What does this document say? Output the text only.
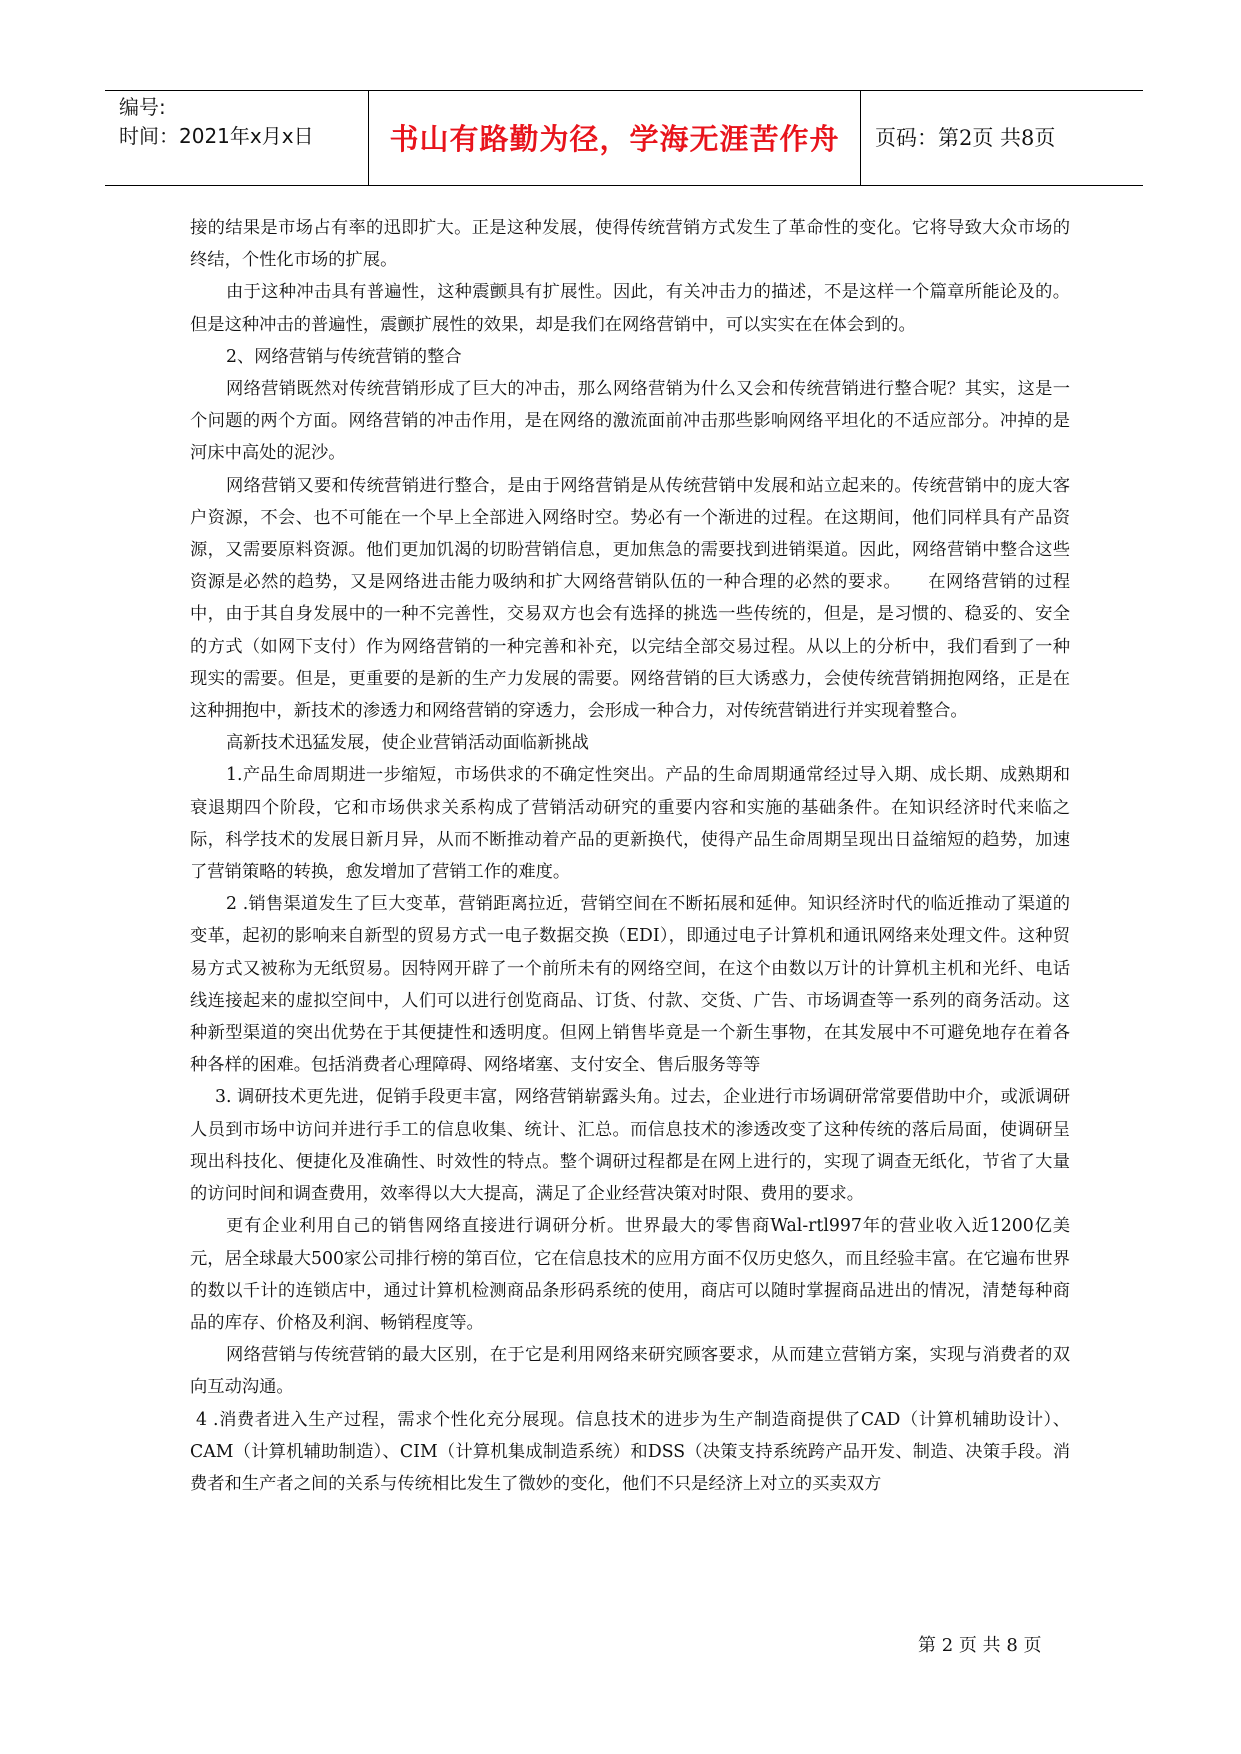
编号:
时间：2021年x月x日	书山有路勤为径，学海无涯苦作舟	页码：第2页 共8页

接的结果是市场占有率的迅即扩大。正是这种发展，使得传统营销方式发生了革命性的变化。它将导致大众市场的终结，个性化市场的扩展。

由于这种冲击具有普遍性，这种震颤具有扩展性。因此，有关冲击力的描述，不是这样一个篇章所能论及的。但是这种冲击的普遍性，震颤扩展性的效果，却是我们在网络营销中，可以实实在在体会到的。

2、网络营销与传统营销的整合

网络营销既然对传统营销形成了巨大的冲击，那么网络营销为什么又会和传统营销进行整合呢？其实，这是一个问题的两个方面。网络营销的冲击作用，是在网络的激流面前冲击那些影响网络平坦化的不适应部分。冲掉的是河床中高处的泥沙。

网络营销又要和传统营销进行整合，是由于网络营销是从传统营销中发展和站立起来的。传统营销中的庞大客户资源，不会、也不可能在一个早上全部进入网络时空。势必有一个渐进的过程。在这期间，他们同样具有产品资源，又需要原料资源。他们更加饥渴的切盼营销信息，更加焦急的需要找到进销渠道。因此，网络营销中整合这些资源是必然的趋势，又是网络进击能力吸纳和扩大网络营销队伍的一种合理的必然的要求。　　在网络营销的过程中，由于其自身发展中的一种不完善性，交易双方也会有选择的挑选一些传统的，但是，是习惯的、稳妥的、安全的方式（如网下支付）作为网络营销的一种完善和补充，以完结全部交易过程。从以上的分析中，我们看到了一种现实的需要。但是，更重要的是新的生产力发展的需要。网络营销的巨大诱惑力，会使传统营销拥抱网络，正是在这种拥抱中，新技术的渗透力和网络营销的穿透力，会形成一种合力，对传统营销进行并实现着整合。

高新技术迅猛发展，使企业营销活动面临新挑战

1.产品生命周期进一步缩短，市场供求的不确定性突出。产品的生命周期通常经过导入期、成长期、成熟期和衰退期四个阶段，它和市场供求关系构成了营销活动研究的重要内容和实施的基础条件。在知识经济时代来临之际，科学技术的发展日新月异，从而不断推动着产品的更新换代，使得产品生命周期呈现出日益缩短的趋势，加速了营销策略的转换，愈发增加了营销工作的难度。

2 .销售渠道发生了巨大变革，营销距离拉近，营销空间在不断拓展和延伸。知识经济时代的临近推动了渠道的变革，起初的影响来自新型的贸易方式一电子数据交换（EDI），即通过电子计算机和通讯网络来处理文件。这种贸易方式又被称为无纸贸易。因特网开辟了一个前所未有的网络空间，在这个由数以万计的计算机主机和光纤、电话线连接起来的虚拟空间中，人们可以进行创览商品、订货、付款、交货、广告、市场调查等一系列的商务活动。这种新型渠道的突出优势在于其便捷性和透明度。但网上销售毕竟是一个新生事物，在其发展中不可避免地存在着各种各样的困难。包括消费者心理障碍、网络堵塞、支付安全、售后服务等等

3. 调研技术更先进，促销手段更丰富，网络营销崭露头角。过去，企业进行市场调研常常要借助中介，或派调研人员到市场中访问并进行手工的信息收集、统计、汇总。而信息技术的渗透改变了这种传统的落后局面，使调研呈现出科技化、便捷化及准确性、时效性的特点。整个调研过程都是在网上进行的，实现了调查无纸化，节省了大量的访问时间和调查费用，效率得以大大提高，满足了企业经营决策对时限、费用的要求。

更有企业利用自己的销售网络直接进行调研分析。世界最大的零售商Wal-rtl997年的营业收入近1200亿美元，居全球最大500家公司排行榜的第百位，它在信息技术的应用方面不仅历史悠久，而且经验丰富。在它遍布世界的数以千计的连锁店中，通过计算机检测商品条形码系统的使用，商店可以随时掌握商品进出的情况，清楚每种商品的库存、价格及利润、畅销程度等。

网络营销与传统营销的最大区别，在于它是利用网络来研究顾客要求，从而建立营销方案，实现与消费者的双向互动沟通。

4 .消费者进入生产过程，需求个性化充分展现。信息技术的进步为生产制造商提供了CAD（计算机辅助设计）、CAM（计算机辅助制造）、CIM（计算机集成制造系统）和DSS（决策支持系统跨产品开发、制造、决策手段。消费者和生产者之间的关系与传统相比发生了微妙的变化，他们不只是经济上对立的买卖双方

第 2 页 共 8 页
